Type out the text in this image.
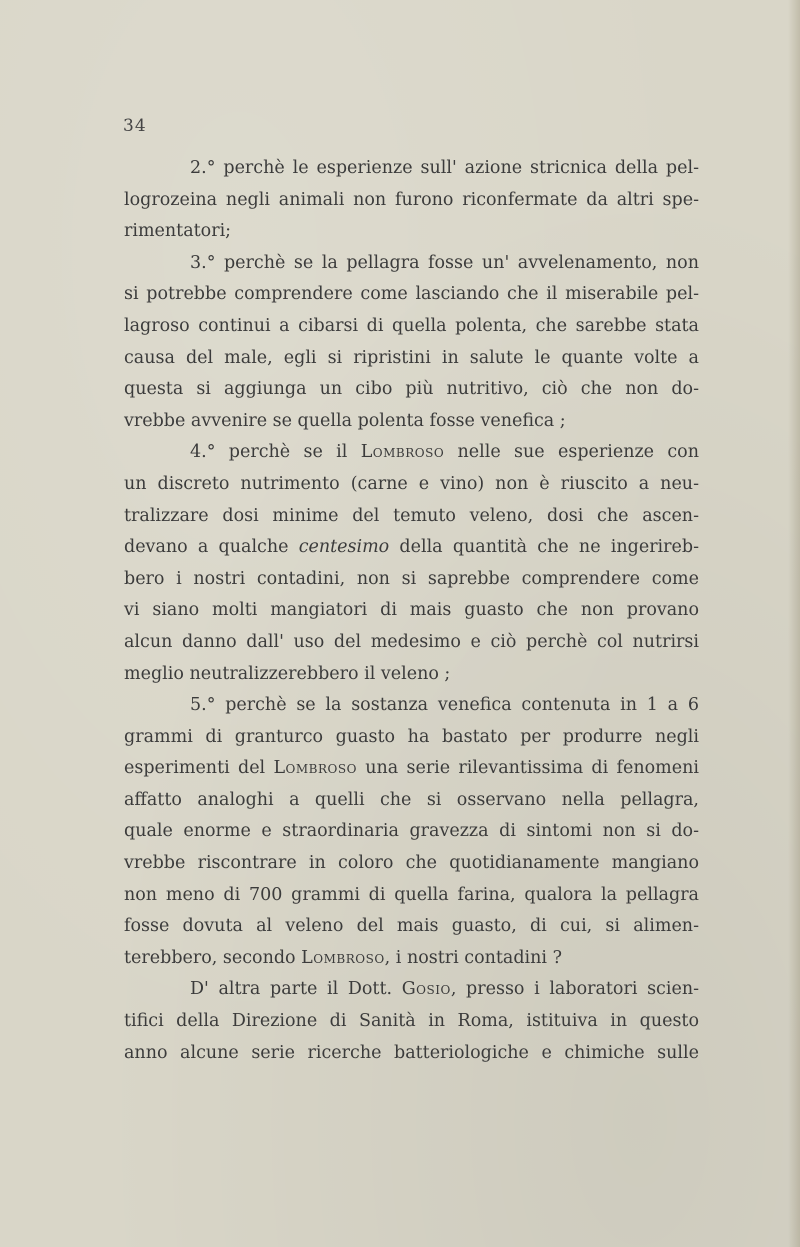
34
2.° perchè le esperienze sull' azione stricnica della pel-
logrozeina negli animali non furono riconfermate da altri spe-
rimentatori;
3.° perchè se la pellagra fosse un' avvelenamento, non
si potrebbe comprendere come lasciando che il miserabile pel-
lagroso continui a cibarsi di quella polenta, che sarebbe stata
causa del male, egli si ripristini in salute le quante volte a
questa si aggiunga un cibo più nutritivo, ciò che non do-
vrebbe avvenire se quella polenta fosse venefica ;
4.° perchè se il Lombroso nelle sue esperienze con
un discreto nutrimento (carne e vino) non è riuscito a neu-
tralizzare dosi minime del temuto veleno, dosi che ascen-
devano a qualche centesimo della quantità che ne ingerireb-
bero i nostri contadini, non si saprebbe comprendere come
vi siano molti mangiatori di mais guasto che non provano
alcun danno dall' uso del medesimo e ciò perchè col nutrirsi
meglio neutralizzerebbero il veleno ;
5.° perchè se la sostanza venefica contenuta in 1 a 6
grammi di granturco guasto ha bastato per produrre negli
esperimenti del Lombroso una serie rilevantissima di fenomeni
affatto analoghi a quelli che si osservano nella pellagra,
quale enorme e straordinaria gravezza di sintomi non si do-
vrebbe riscontrare in coloro che quotidianamente mangiano
non meno di 700 grammi di quella farina, qualora la pellagra
fosse dovuta al veleno del mais guasto, di cui, si alimen-
terebbero, secondo Lombroso, i nostri contadini ?
D' altra parte il Dott. Gosio, presso i laboratori scien-
tifici della Direzione di Sanità in Roma, istituiva in questo
anno alcune serie ricerche batteriologiche e chimiche sulle
